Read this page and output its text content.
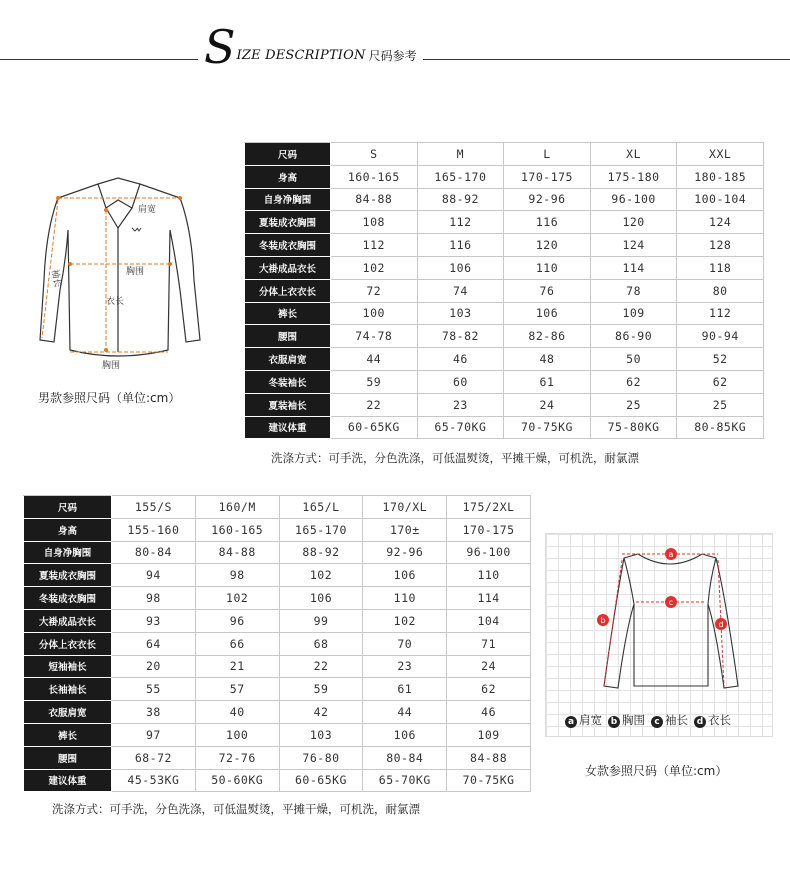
S IZE DESCRIPTION 尺码参考
肩宽
袖长	胸围
衣长
胸围
男款参照尺码（单位:cm）
尺码	S	M	L	XL	XXL
身高	160-165	165-170	170-175	175-180	180-185
自身净胸围	84-88	88-92	92-96	96-100	100-104
夏装成衣胸围	108	112	116	120	124
冬装成衣胸围	112	116	120	124	128
大褂成品衣长	102	106	110	114	118
分体上衣衣长	72	74	76	78	80
裤长	100	103	106	109	112
腰围	74-78	78-82	82-86	86-90	90-94
衣服肩宽	44	46	48	50	52
冬装袖长	59	60	61	62	62
夏装袖长	22	23	24	25	25
建议体重	60-65KG	65-70KG	70-75KG	75-80KG	80-85KG
洗涤方式：可手洗，分色洗涤，可低温熨烫，平摊干燥，可机洗，耐氯漂
尺码	155/S	160/M	165/L	170/XL	175/2XL
身高	155-160	160-165	165-170	170±	170-175
自身净胸围	80-84	84-88	88-92	92-96	96-100
夏装成衣胸围	94	98	102	106	110
冬装成衣胸围	98	102	106	110	114
大褂成品衣长	93	96	99	102	104
分体上衣衣长	64	66	68	70	71
短袖袖长	20	21	22	23	24
长袖袖长	55	57	59	61	62
衣服肩宽	38	40	42	44	46
裤长	97	100	103	106	109
腰围	68-72	72-76	76-80	80-84	84-88
建议体重	45-53KG	50-60KG	60-65KG	65-70KG	70-75KG
洗涤方式：可手洗，分色洗涤，可低温熨烫，平摊干燥，可机洗，耐氯漂
a
c
b	d
a 肩宽 b 胸围	c 袖长 d 衣长
女款参照尺码（单位:cm）
